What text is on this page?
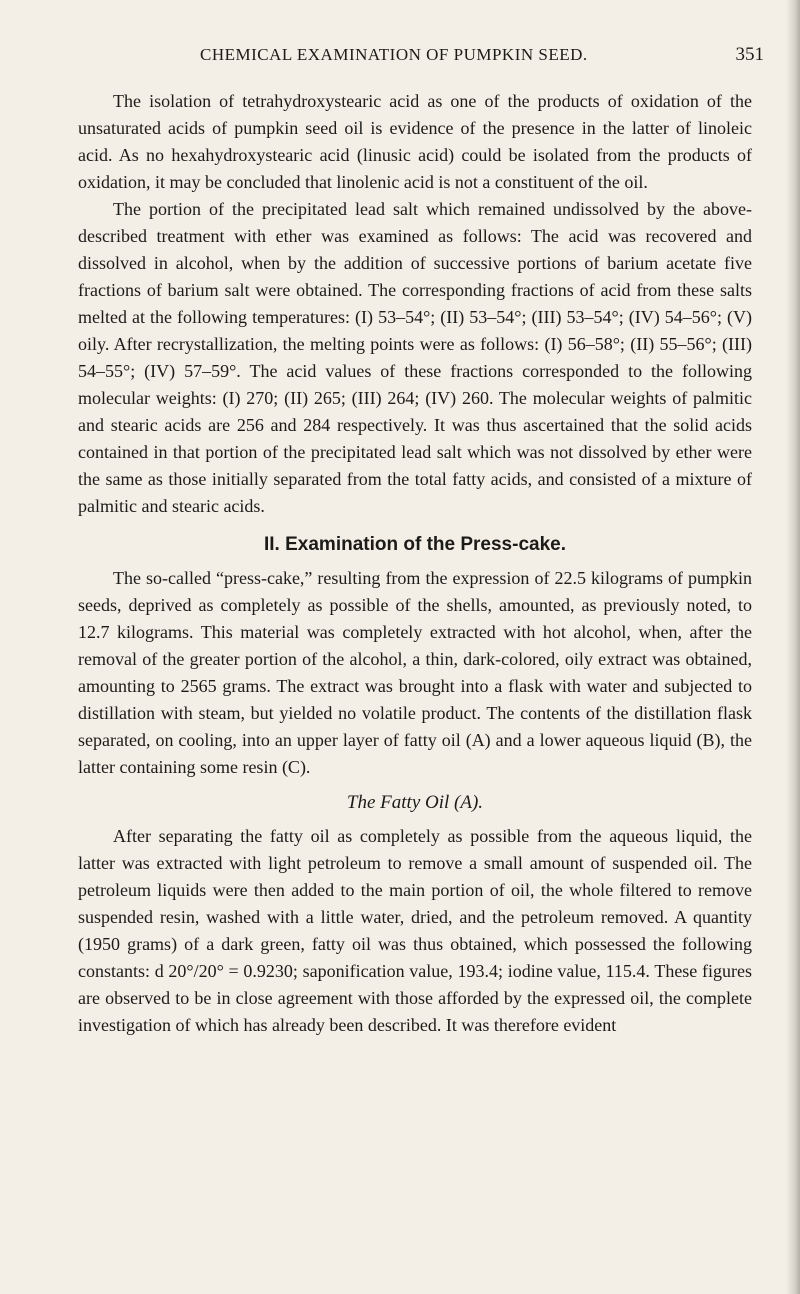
CHEMICAL EXAMINATION OF PUMPKIN SEED.	351

The isolation of tetrahydroxystearic acid as one of the products of oxidation of the unsaturated acids of pumpkin seed oil is evidence of the presence in the latter of linoleic acid. As no hexahydroxystearic acid (linusic acid) could be isolated from the products of oxidation, it may be concluded that linolenic acid is not a constituent of the oil.

The portion of the precipitated lead salt which remained undissolved by the above-described treatment with ether was examined as follows: The acid was recovered and dissolved in alcohol, when by the addition of successive portions of barium acetate five fractions of barium salt were obtained. The corresponding fractions of acid from these salts melted at the following temperatures: (I) 53–54°; (II) 53–54°; (III) 53–54°; (IV) 54–56°; (V) oily. After recrystallization, the melting points were as follows: (I) 56–58°; (II) 55–56°; (III) 54–55°; (IV) 57–59°. The acid values of these fractions corresponded to the following molecular weights: (I) 270; (II) 265; (III) 264; (IV) 260. The molecular weights of palmitic and stearic acids are 256 and 284 respectively. It was thus ascertained that the solid acids contained in that portion of the precipitated lead salt which was not dissolved by ether were the same as those initially separated from the total fatty acids, and consisted of a mixture of palmitic and stearic acids.

II. Examination of the Press-cake.

The so-called “press-cake,” resulting from the expression of 22.5 kilograms of pumpkin seeds, deprived as completely as possible of the shells, amounted, as previously noted, to 12.7 kilograms. This material was completely extracted with hot alcohol, when, after the removal of the greater portion of the alcohol, a thin, dark-colored, oily extract was obtained, amounting to 2565 grams. The extract was brought into a flask with water and subjected to distillation with steam, but yielded no volatile product. The contents of the distillation flask separated, on cooling, into an upper layer of fatty oil (A) and a lower aqueous liquid (B), the latter containing some resin (C).

The Fatty Oil (A).

After separating the fatty oil as completely as possible from the aqueous liquid, the latter was extracted with light petroleum to remove a small amount of suspended oil. The petroleum liquids were then added to the main portion of oil, the whole filtered to remove suspended resin, washed with a little water, dried, and the petroleum removed. A quantity (1950 grams) of a dark green, fatty oil was thus obtained, which possessed the following constants: d 20°/20° = 0.9230; saponification value, 193.4; iodine value, 115.4. These figures are observed to be in close agreement with those afforded by the expressed oil, the complete investigation of which has already been described. It was therefore evident
